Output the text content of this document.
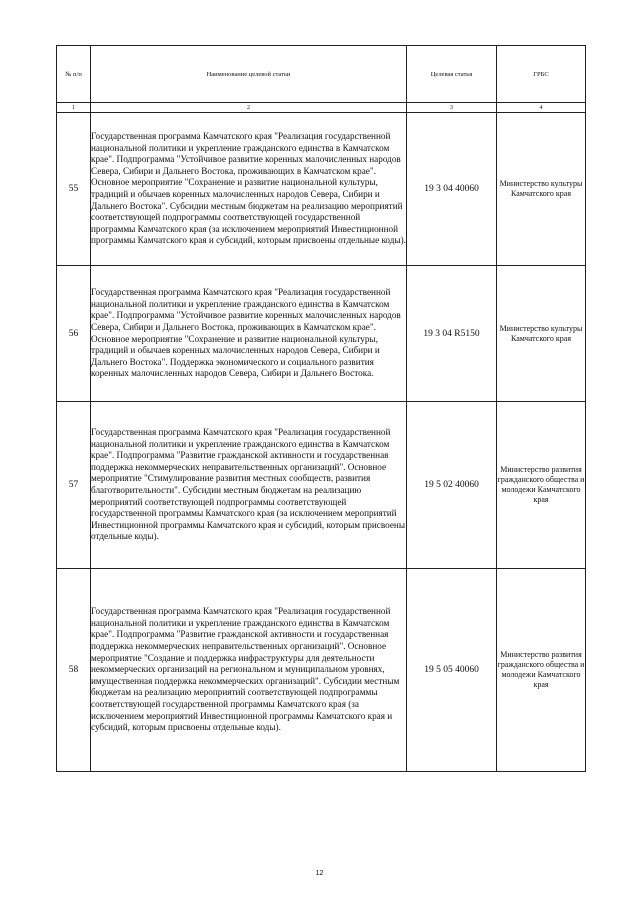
№ п/п	Наименование целевой статьи	Целевая статья	ГРБС
1	2	3	4
55	Государственная программа Камчатского края "Реализация государственной национальной политики и укрепление гражданского единства в Камчатском крае". Подпрограмма "Устойчивое развитие коренных малочисленных народов Севера, Сибири и Дальнего Востока, проживающих в Камчатском крае". Основное мероприятие "Сохранение и развитие национальной культуры, традиций и обычаев коренных малочисленных народов Севера, Сибири и Дальнего Востока". Субсидии местным бюджетам на реализацию мероприятий соответствующей подпрограммы соответствующей государственной программы Камчатского края (за исключением мероприятий Инвестиционной программы Камчатского края и субсидий, которым присвоены отдельные коды).	19 3 04 40060	Министерство культуры Камчатского края
56	Государственная программа Камчатского края "Реализация государственной национальной политики и укрепление гражданского единства в Камчатском крае". Подпрограмма "Устойчивое развитие коренных малочисленных народов Севера, Сибири и Дальнего Востока, проживающих в Камчатском крае". Основное мероприятие "Сохранение и развитие национальной культуры, традиций и обычаев коренных малочисленных народов Севера, Сибири и Дальнего Востока". Поддержка экономического и социального развития коренных малочисленных народов Севера, Сибири и Дальнего Востока.	19 3 04 R5150	Министерство культуры Камчатского края
57	Государственная программа Камчатского края "Реализация государственной национальной политики и укрепление гражданского единства в Камчатском крае". Подпрограмма "Развитие гражданской активности и государственная поддержка некоммерческих неправительственных организаций". Основное мероприятие "Стимулирование развития местных сообществ, развития благотворительности". Субсидии местным бюджетам на реализацию мероприятий соответствующей подпрограммы соответствующей государственной программы Камчатского края (за исключением мероприятий Инвестиционной программы Камчатского края и субсидий, которым присвоены отдельные коды).	19 5 02 40060	Министерство развития гражданского общества и молодежи Камчатского края
58	Государственная программа Камчатского края "Реализация государственной национальной политики и укрепление гражданского единства в Камчатском крае". Подпрограмма "Развитие гражданской активности и государственная поддержка некоммерческих неправительственных организаций". Основное мероприятие "Создание и поддержка инфраструктуры для деятельности некоммерческих организаций на региональном и муниципальном уровнях, имущественная поддержка некоммерческих организаций". Субсидии местным бюджетам на реализацию мероприятий соответствующей подпрограммы соответствующей государственной программы Камчатского края (за исключением мероприятий Инвестиционной программы Камчатского края и субсидий, которым присвоены отдельные коды).	19 5 05 40060	Министерство развития гражданского общества и молодежи Камчатского края
12
